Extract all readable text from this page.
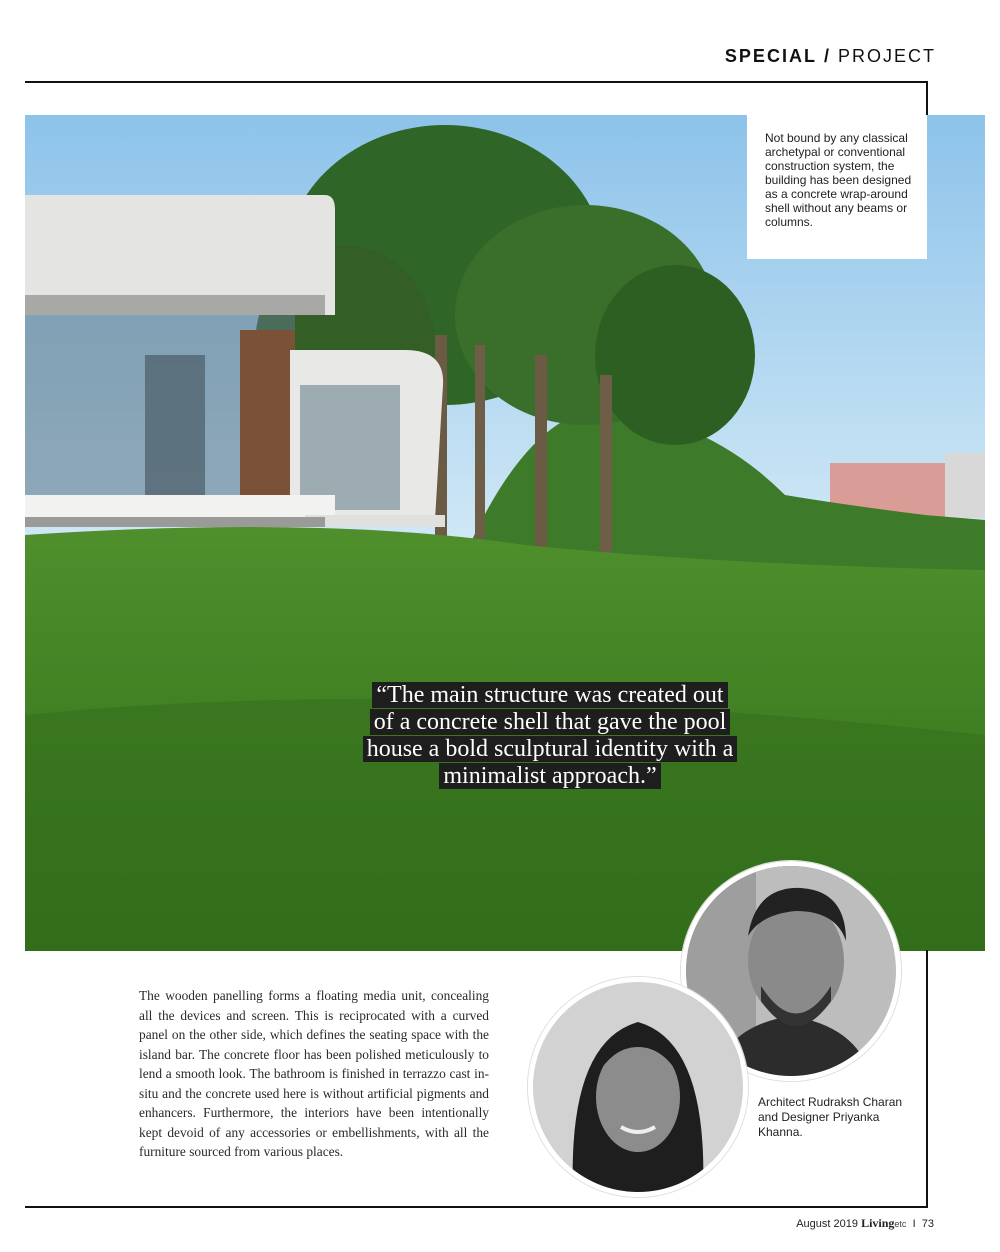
SPECIAL / PROJECT
Not bound by any classical archetypal or conventional construction system, the building has been designed as a concrete wrap-around shell without any beams or columns.
“The main structure was created out
of a concrete shell that gave the pool
house a bold sculptural identity with a
minimalist approach.”
The wooden panelling forms a floating media unit, concealing all the devices and screen. This is reciprocated with a curved panel on the other side, which defines the seating space with the island bar. The concrete floor has been polished meticulously to lend a smooth look. The bathroom is finished in terrazzo cast in-situ and the concrete used here is without artificial pigments and enhancers. Furthermore, the interiors have been intentionally kept devoid of any accessories or embellishments, with all the furniture sourced from various places.
Architect Rudraksh Charan and Designer Priyanka Khanna.
August 2019 Livingetc I 73
